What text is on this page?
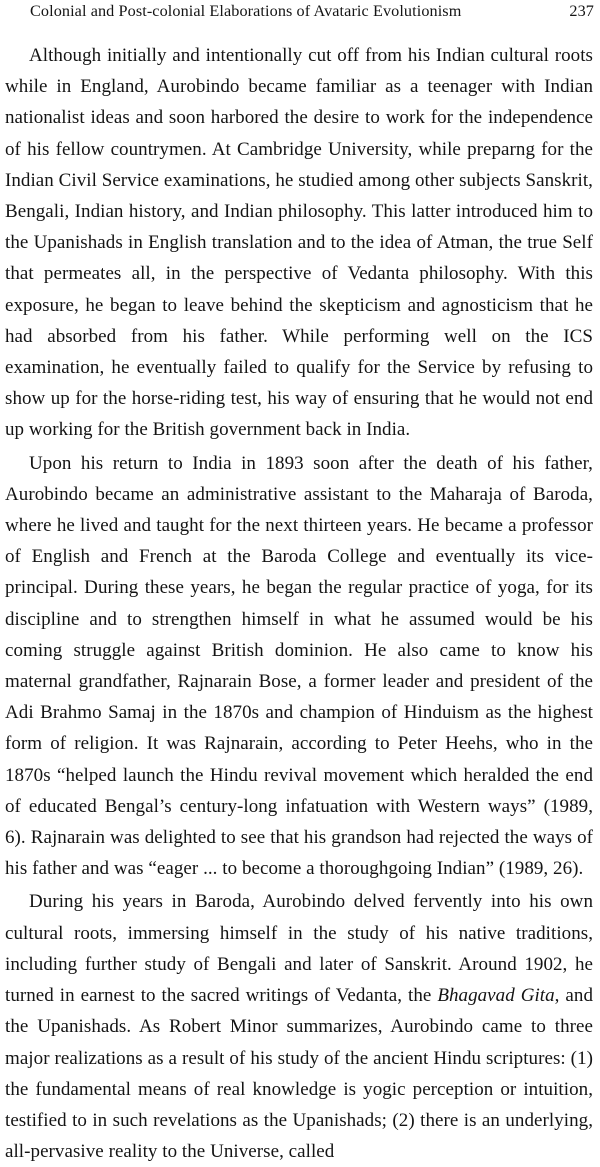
Colonial and Post-colonial Elaborations of Avataric Evolutionism	237

Although initially and intentionally cut off from his Indian cultural roots while in England, Aurobindo became familiar as a teenager with Indian nationalist ideas and soon harbored the desire to work for the independence of his fellow countrymen. At Cambridge University, while preparng for the Indian Civil Service examinations, he studied among other subjects Sanskrit, Bengali, Indian history, and Indian philosophy. This latter introduced him to the Upanishads in English translation and to the idea of Atman, the true Self that permeates all, in the perspective of Vedanta philosophy. With this exposure, he began to leave behind the skepticism and agnosticism that he had absorbed from his father. While performing well on the ICS examination, he eventually failed to qualify for the Service by refusing to show up for the horse-riding test, his way of ensuring that he would not end up working for the British government back in India.

Upon his return to India in 1893 soon after the death of his father, Aurobindo became an administrative assistant to the Maharaja of Baroda, where he lived and taught for the next thirteen years. He became a professor of English and French at the Baroda College and eventually its vice-principal. During these years, he began the regular practice of yoga, for its discipline and to strengthen himself in what he assumed would be his coming struggle against British dominion. He also came to know his maternal grandfather, Rajnarain Bose, a former leader and president of the Adi Brahmo Samaj in the 1870s and champion of Hinduism as the highest form of religion. It was Rajnarain, according to Peter Heehs, who in the 1870s “helped launch the Hindu revival movement which heralded the end of educated Bengal’s century-long infatuation with Western ways” (1989, 6). Rajnarain was delighted to see that his grandson had rejected the ways of his father and was “eager ... to become a thoroughgoing Indian” (1989, 26).

During his years in Baroda, Aurobindo delved fervently into his own cultural roots, immersing himself in the study of his native traditions, including further study of Bengali and later of Sanskrit. Around 1902, he turned in earnest to the sacred writings of Vedanta, the Bhagavad Gita, and the Upanishads. As Robert Minor summarizes, Aurobindo came to three major realizations as a result of his study of the ancient Hindu scriptures: (1) the fundamental means of real knowledge is yogic perception or intuition, testified to in such revelations as the Upanishads; (2) there is an underlying, all-pervasive reality to the Universe, called
